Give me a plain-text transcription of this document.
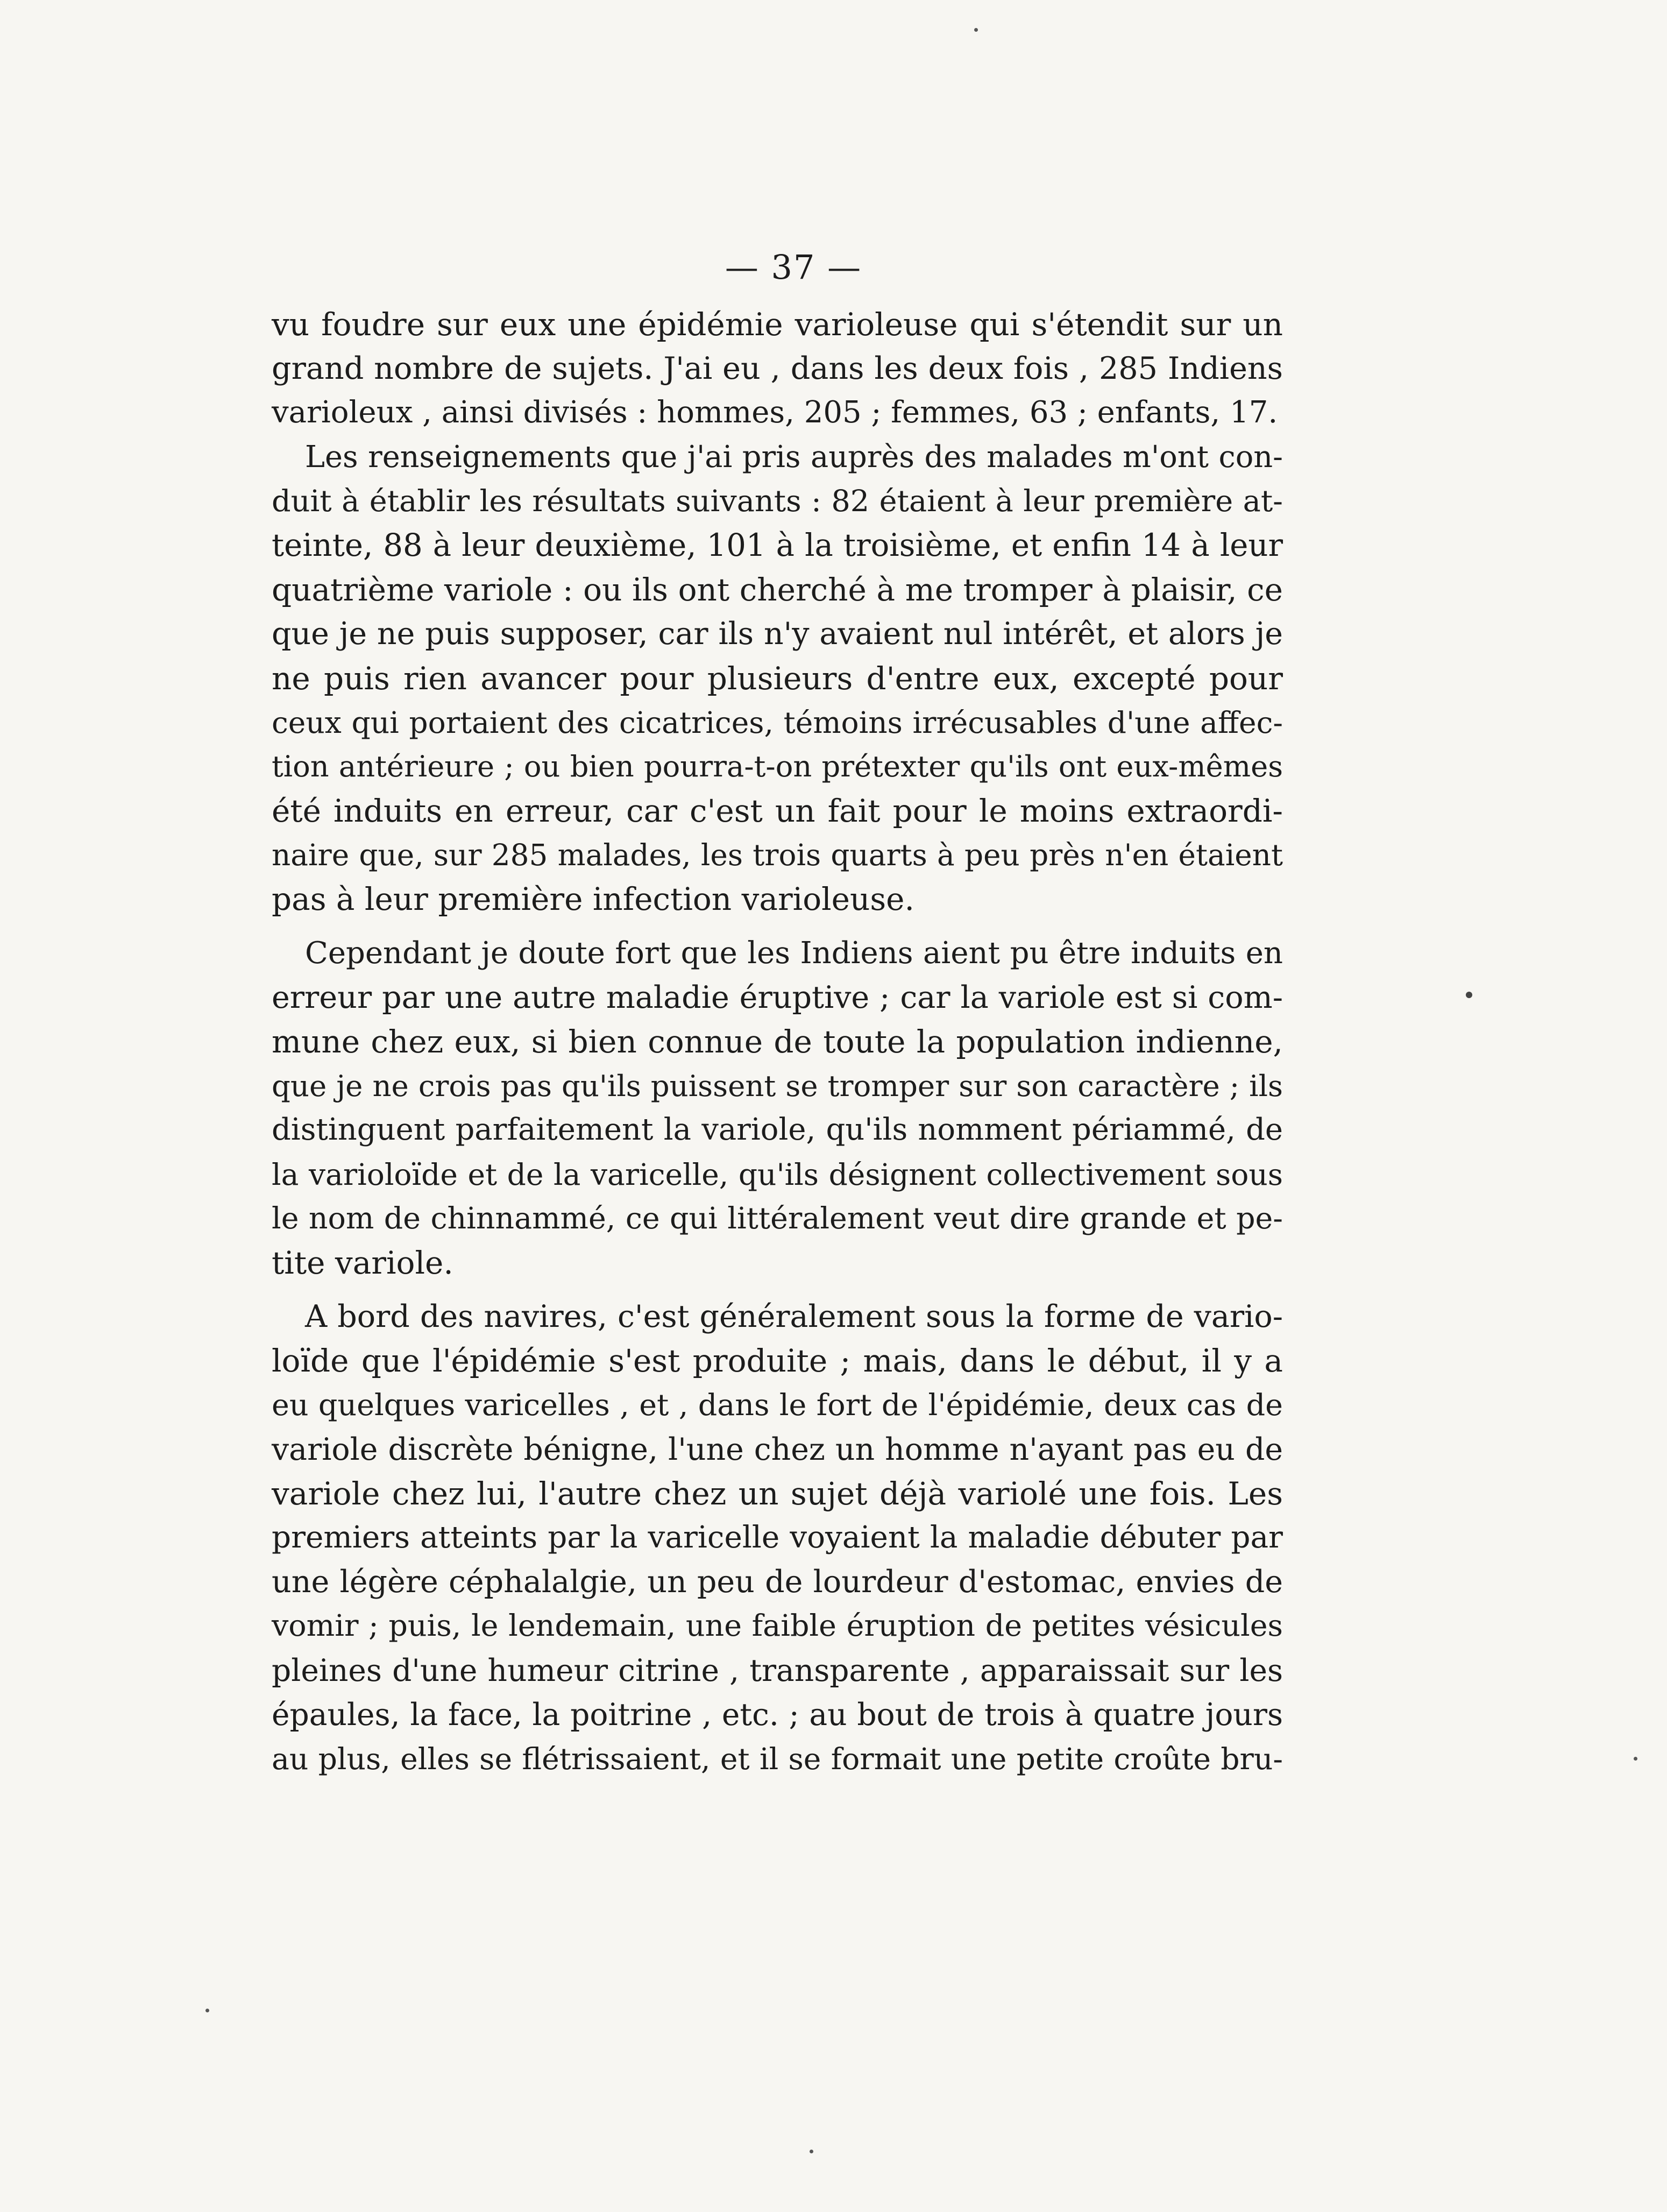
— 37 —
vu foudre sur eux une épidémie varioleuse qui s'étendit sur un
grand nombre de sujets. J'ai eu , dans les deux fois , 285 Indiens
varioleux , ainsi divisés : hommes, 205 ; femmes, 63 ; enfants, 17.
Les renseignements que j'ai pris auprès des malades m'ont con-
duit à établir les résultats suivants : 82 étaient à leur première at-
teinte, 88 à leur deuxième, 101 à la troisième, et enfin 14 à leur
quatrième variole : ou ils ont cherché à me tromper à plaisir, ce
que je ne puis supposer, car ils n'y avaient nul intérêt, et alors je
ne puis rien avancer pour plusieurs d'entre eux, excepté pour
ceux qui portaient des cicatrices, témoins irrécusables d'une affec-
tion antérieure ; ou bien pourra-t-on prétexter qu'ils ont eux-mêmes
été induits en erreur, car c'est un fait pour le moins extraordi-
naire que, sur 285 malades, les trois quarts à peu près n'en étaient
pas à leur première infection varioleuse.
Cependant je doute fort que les Indiens aient pu être induits en
erreur par une autre maladie éruptive ; car la variole est si com-
mune chez eux, si bien connue de toute la population indienne,
que je ne crois pas qu'ils puissent se tromper sur son caractère ; ils
distinguent parfaitement la variole, qu'ils nomment périammé, de
la varioloïde et de la varicelle, qu'ils désignent collectivement sous
le nom de chinnammé, ce qui littéralement veut dire grande et pe-
tite variole.
A bord des navires, c'est généralement sous la forme de vario-
loïde que l'épidémie s'est produite ; mais, dans le début, il y a
eu quelques varicelles , et , dans le fort de l'épidémie, deux cas de
variole discrète bénigne, l'une chez un homme n'ayant pas eu de
variole chez lui, l'autre chez un sujet déjà variolé une fois. Les
premiers atteints par la varicelle voyaient la maladie débuter par
une légère céphalalgie, un peu de lourdeur d'estomac, envies de
vomir ; puis, le lendemain, une faible éruption de petites vésicules
pleines d'une humeur citrine , transparente , apparaissait sur les
épaules, la face, la poitrine , etc. ; au bout de trois à quatre jours
au plus, elles se flétrissaient, et il se formait une petite croûte bru-
